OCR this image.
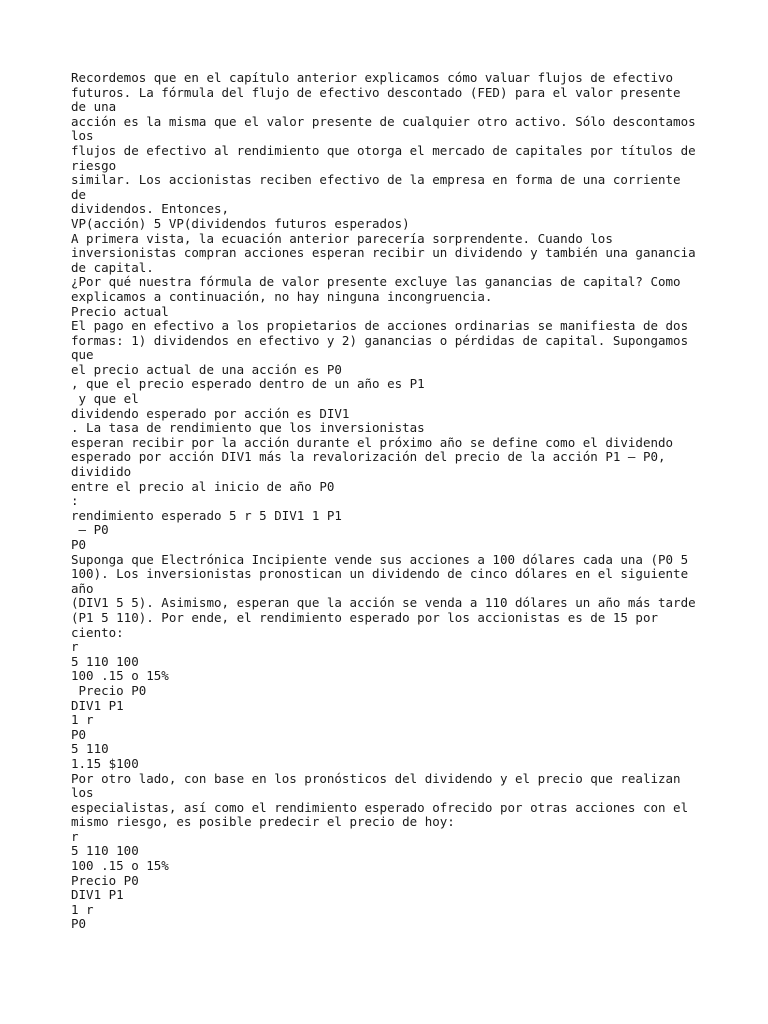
Recordemos que en el capítulo anterior explicamos cómo valuar flujos de efectivo
futuros. La fórmula del flujo de efectivo descontado (FED) para el valor presente
de una
acción es la misma que el valor presente de cualquier otro activo. Sólo descontamos
los
flujos de efectivo al rendimiento que otorga el mercado de capitales por títulos de
riesgo
similar. Los accionistas reciben efectivo de la empresa en forma de una corriente
de
dividendos. Entonces,
VP(acción) 5 VP(dividendos futuros esperados)
A primera vista, la ecuación anterior parecería sorprendente. Cuando los
inversionistas compran acciones esperan recibir un dividendo y también una ganancia
de capital.
¿Por qué nuestra fórmula de valor presente excluye las ganancias de capital? Como
explicamos a continuación, no hay ninguna incongruencia.
Precio actual
El pago en efectivo a los propietarios de acciones ordinarias se manifiesta de dos
formas: 1) dividendos en efectivo y 2) ganancias o pérdidas de capital. Supongamos
que
el precio actual de una acción es P0
, que el precio esperado dentro de un año es P1
y que el
dividendo esperado por acción es DIV1
. La tasa de rendimiento que los inversionistas
esperan recibir por la acción durante el próximo año se define como el dividendo
esperado por acción DIV1 más la revalorización del precio de la acción P1 – P0,
dividido
entre el precio al inicio de año P0
:
rendimiento esperado 5 r 5 DIV1 1 P1
– P0
P0
Suponga que Electrónica Incipiente vende sus acciones a 100 dólares cada una (P0 5
100). Los inversionistas pronostican un dividendo de cinco dólares en el siguiente
año
(DIV1 5 5). Asimismo, esperan que la acción se venda a 110 dólares un año más tarde
(P1 5 110). Por ende, el rendimiento esperado por los accionistas es de 15 por
ciento:
r
5 110 100
100 .15 o 15%
Precio P0
DIV1 P1
1 r
P0
5 110
1.15 $100
Por otro lado, con base en los pronósticos del dividendo y el precio que realizan
los
especialistas, así como el rendimiento esperado ofrecido por otras acciones con el
mismo riesgo, es posible predecir el precio de hoy:
r
5 110 100
100 .15 o 15%
Precio P0
DIV1 P1
1 r
P0
